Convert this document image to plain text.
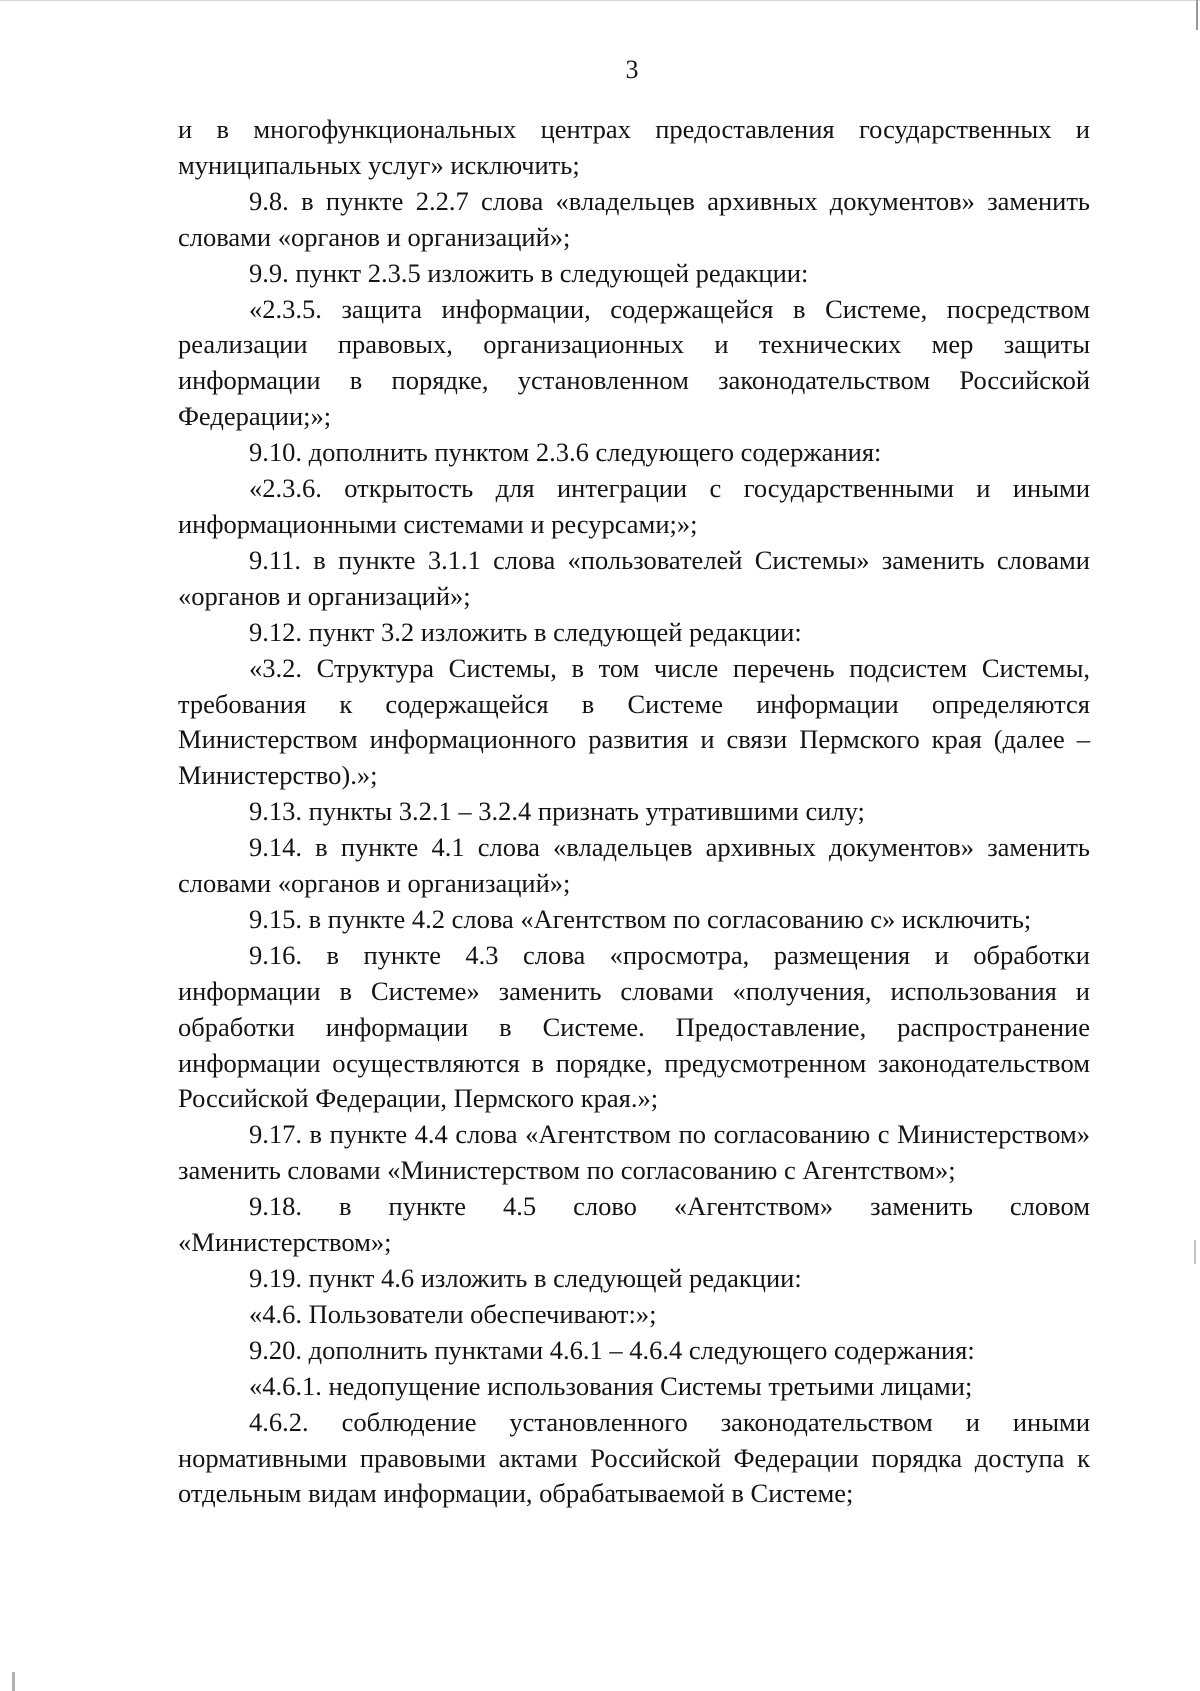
3

и в многофункциональных центрах предоставления государственных и муниципальных услуг» исключить;

9.8. в пункте 2.2.7 слова «владельцев архивных документов» заменить словами «органов и организаций»;

9.9. пункт 2.3.5 изложить в следующей редакции:

«2.3.5. защита информации, содержащейся в Системе, посредством реализации правовых, организационных и технических мер защиты информации в порядке, установленном законодательством Российской Федерации;»;

9.10. дополнить пунктом 2.3.6 следующего содержания:

«2.3.6. открытость для интеграции с государственными и иными информационными системами и ресурсами;»;

9.11. в пункте 3.1.1 слова «пользователей Системы» заменить словами «органов и организаций»;

9.12. пункт 3.2 изложить в следующей редакции:

«3.2. Структура Системы, в том числе перечень подсистем Системы, требования к содержащейся в Системе информации определяются Министерством информационного развития и связи Пермского края (далее – Министерство).»;

9.13. пункты 3.2.1 – 3.2.4 признать утратившими силу;

9.14. в пункте 4.1 слова «владельцев архивных документов» заменить словами «органов и организаций»;

9.15. в пункте 4.2 слова «Агентством по согласованию с» исключить;

9.16. в пункте 4.3 слова «просмотра, размещения и обработки информации в Системе» заменить словами «получения, использования и обработки информации в Системе. Предоставление, распространение информации осуществляются в порядке, предусмотренном законодательством Российской Федерации, Пермского края.»;

9.17. в пункте 4.4 слова «Агентством по согласованию с Министерством» заменить словами «Министерством по согласованию с Агентством»;

9.18. в пункте 4.5 слово «Агентством» заменить словом «Министерством»;

9.19. пункт 4.6 изложить в следующей редакции:

«4.6. Пользователи обеспечивают:»;

9.20. дополнить пунктами 4.6.1 – 4.6.4 следующего содержания:

«4.6.1. недопущение использования Системы третьими лицами;

4.6.2. соблюдение установленного законодательством и иными нормативными правовыми актами Российской Федерации порядка доступа к отдельным видам информации, обрабатываемой в Системе;
